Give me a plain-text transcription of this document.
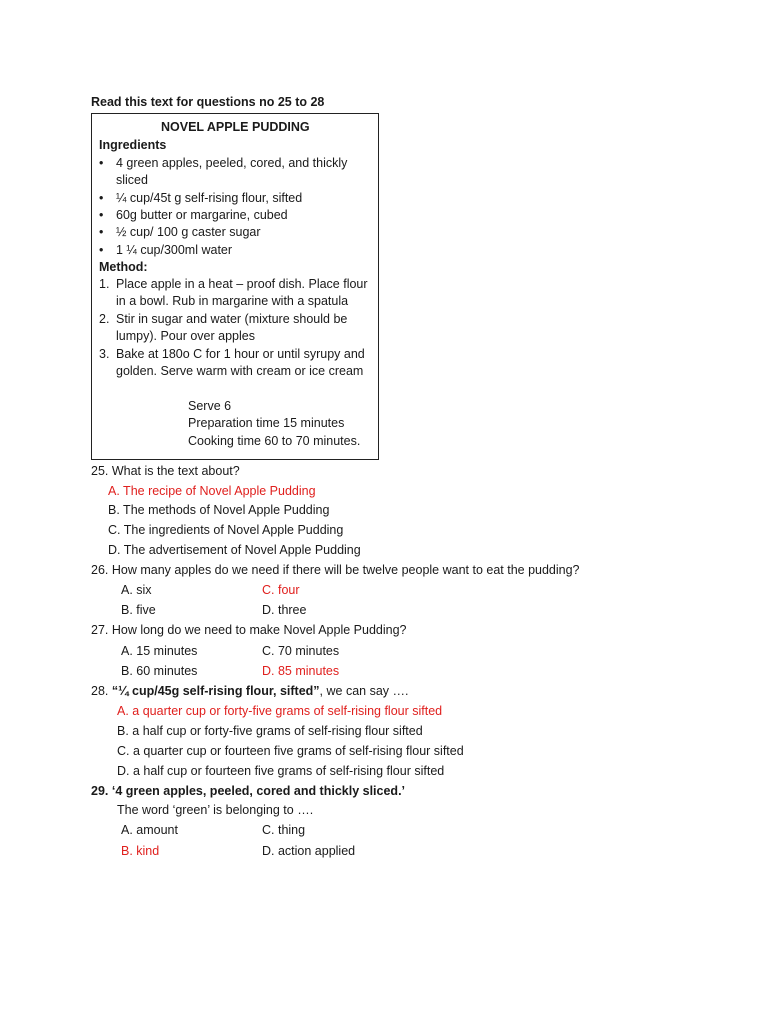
Read this text for questions no 25 to 28
NOVEL APPLE PUDDING
Ingredients
• 4 green apples, peeled, cored, and thickly
sliced
• ¼ cup/45t g self-rising flour, sifted
• 60g butter or margarine, cubed
• ½ cup/ 100 g caster sugar
• 1 ¼ cup/300ml water
Method:
1. Place apple in a heat – proof dish. Place flour
in a bowl. Rub in margarine with a spatula
2. Stir in sugar and water (mixture should be
lumpy). Pour over apples
3. Bake at 180o C for 1 hour or until syrupy and
golden. Serve warm with cream or ice cream
Serve 6
Preparation time 15 minutes
Cooking time 60 to 70 minutes.
25. What is the text about?
A. The recipe of Novel Apple Pudding
B. The methods of Novel Apple Pudding
C. The ingredients of Novel Apple Pudding
D. The advertisement of Novel Apple Pudding
26. How many apples do we need if there will be twelve people want to eat the pudding?
A. six	C. four
B. five	D. three
27. How long do we need to make Novel Apple Pudding?
A. 15 minutes	C. 70 minutes
B. 60 minutes	D. 85 minutes
28. “¼ cup/45g self-rising flour, sifted”, we can say ….
A. a quarter cup or forty-five grams of self-rising flour sifted
B. a half cup or forty-five grams of self-rising flour sifted
C. a quarter cup or fourteen five grams of self-rising flour sifted
D. a half cup or fourteen five grams of self-rising flour sifted
29. ‘4 green apples, peeled, cored and thickly sliced.’
The word ‘green’ is belonging to ….
A. amount	C. thing
B. kind	D. action applied
